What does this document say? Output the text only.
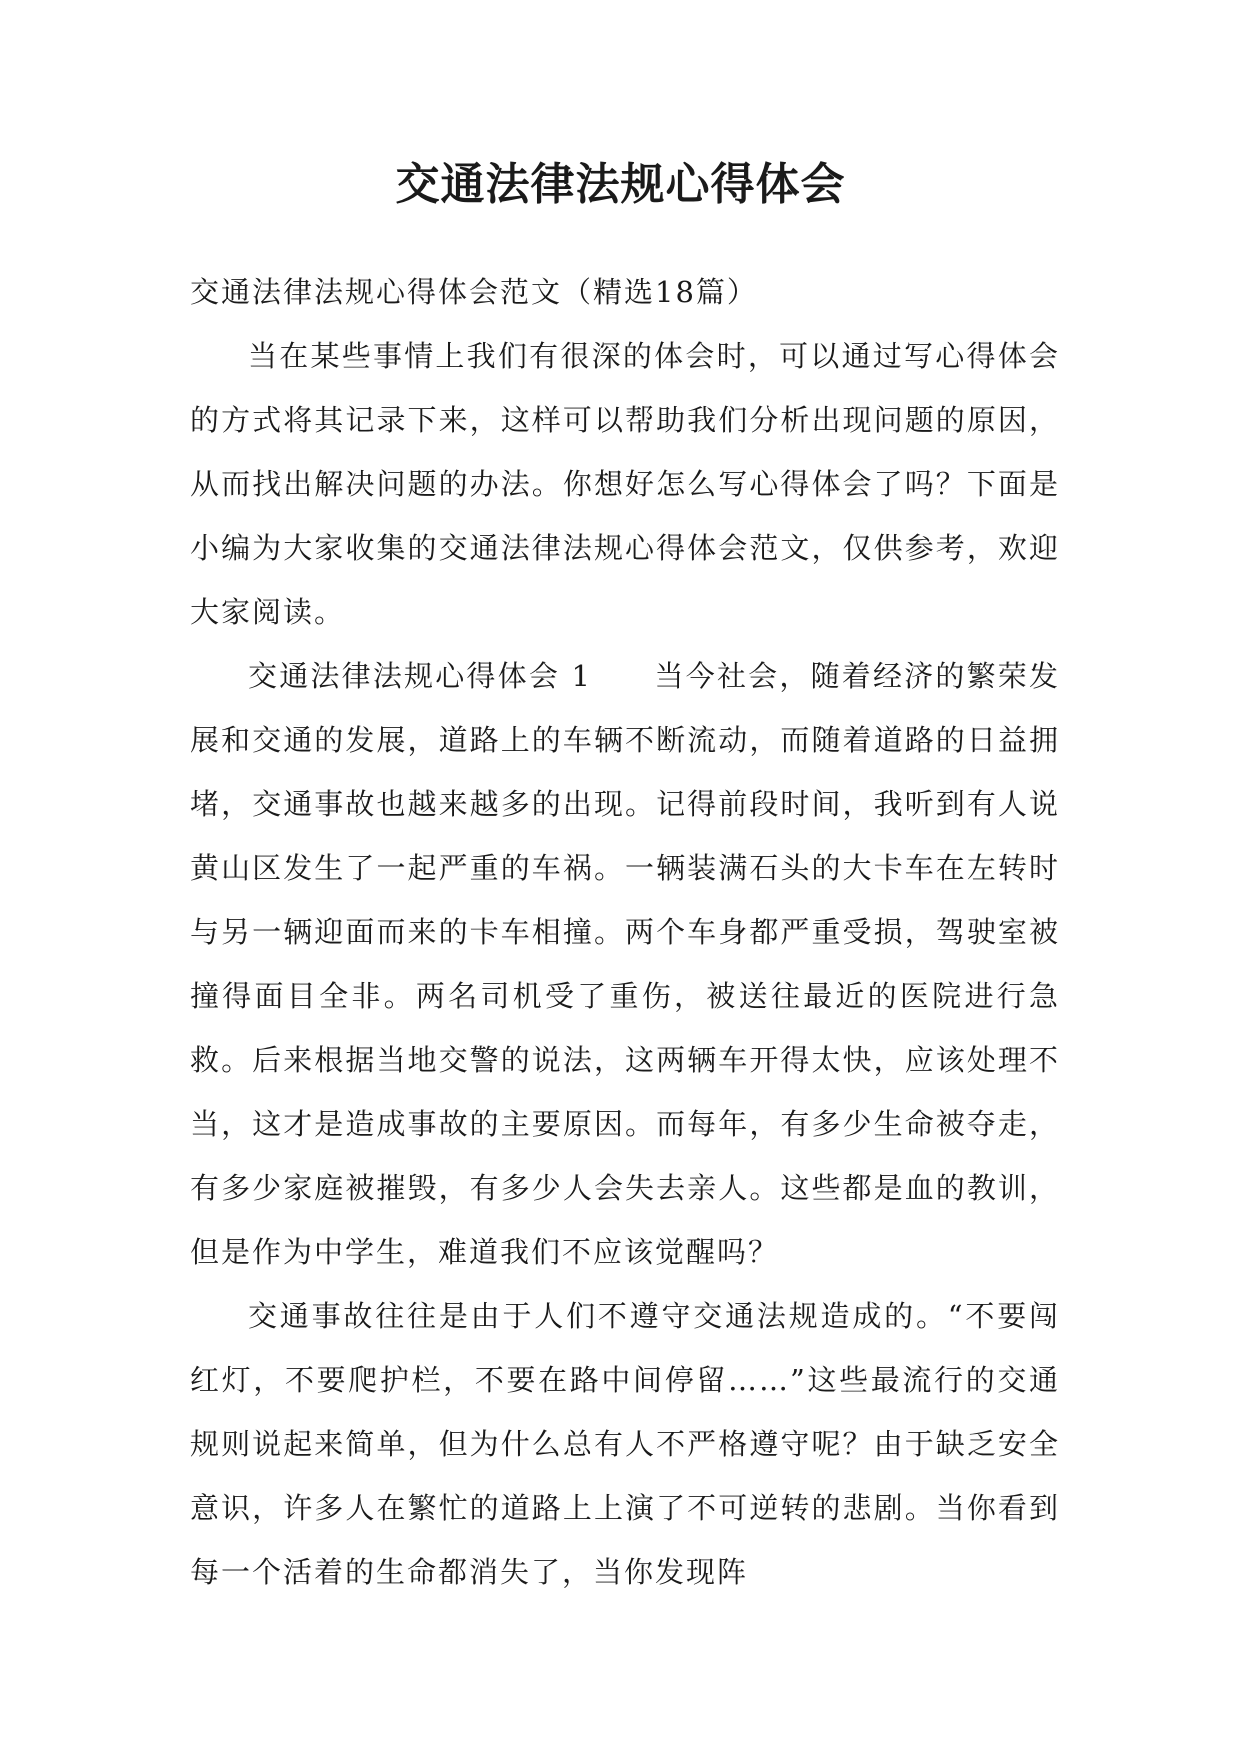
交通法律法规心得体会

交通法律法规心得体会范文（精选18篇）

当在某些事情上我们有很深的体会时，可以通过写心得体会的方式将其记录下来，这样可以帮助我们分析出现问题的原因，从而找出解决问题的办法。你想好怎么写心得体会了吗？下面是小编为大家收集的交通法律法规心得体会范文，仅供参考，欢迎大家阅读。

交通法律法规心得体会 1　　当今社会，随着经济的繁荣发展和交通的发展，道路上的车辆不断流动，而随着道路的日益拥堵，交通事故也越来越多的出现。记得前段时间，我听到有人说黄山区发生了一起严重的车祸。一辆装满石头的大卡车在左转时与另一辆迎面而来的卡车相撞。两个车身都严重受损，驾驶室被撞得面目全非。两名司机受了重伤，被送往最近的医院进行急救。后来根据当地交警的说法，这两辆车开得太快，应该处理不当，这才是造成事故的主要原因。而每年，有多少生命被夺走，有多少家庭被摧毁，有多少人会失去亲人。这些都是血的教训，但是作为中学生，难道我们不应该觉醒吗？

交通事故往往是由于人们不遵守交通法规造成的。“不要闯红灯，不要爬护栏，不要在路中间停留……”这些最流行的交通规则说起来简单，但为什么总有人不严格遵守呢？由于缺乏安全意识，许多人在繁忙的道路上上演了不可逆转的悲剧。当你看到每一个活着的生命都消失了，当你发现阵
